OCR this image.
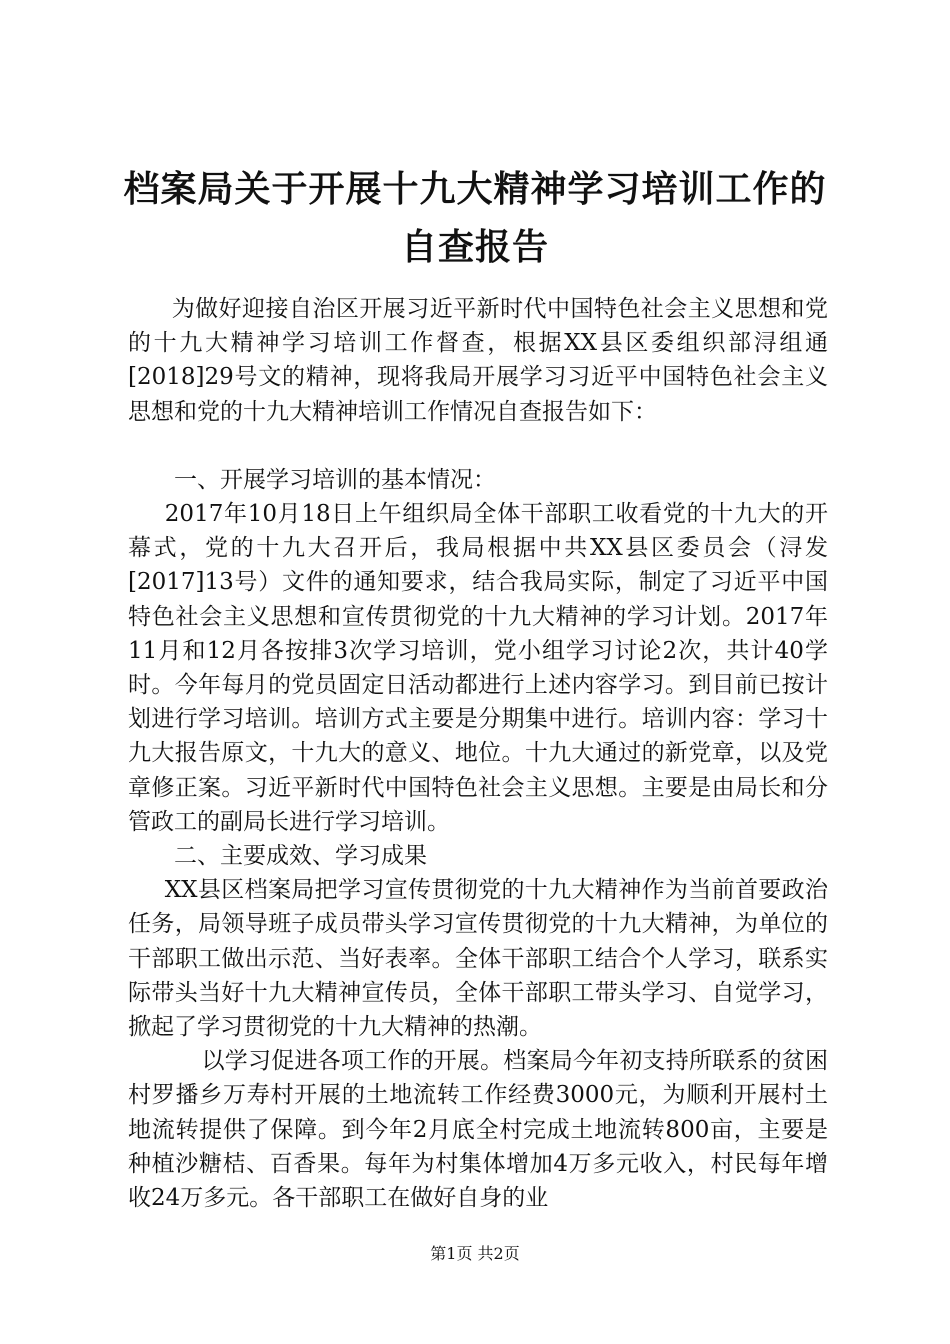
档案局关于开展十九大精神学习培训工作的自查报告

为做好迎接自治区开展习近平新时代中国特色社会主义思想和党的十九大精神学习培训工作督查，根据XX县区委组织部浔组通[2018]29号文的精神，现将我局开展学习习近平中国特色社会主义思想和党的十九大精神培训工作情况自查报告如下：

一、开展学习培训的基本情况：

2017年10月18日上午组织局全体干部职工收看党的十九大的开幕式，党的十九大召开后，我局根据中共XX县区委员会（浔发[2017]13号）文件的通知要求，结合我局实际，制定了习近平中国特色社会主义思想和宣传贯彻党的十九大精神的学习计划。2017年11月和12月各按排3次学习培训，党小组学习讨论2次，共计40学时。今年每月的党员固定日活动都进行上述内容学习。到目前已按计划进行学习培训。培训方式主要是分期集中进行。培训内容：学习十九大报告原文，十九大的意义、地位。十九大通过的新党章，以及党章修正案。习近平新时代中国特色社会主义思想。主要是由局长和分管政工的副局长进行学习培训。

二、主要成效、学习成果

XX县区档案局把学习宣传贯彻党的十九大精神作为当前首要政治任务，局领导班子成员带头学习宣传贯彻党的十九大精神，为单位的干部职工做出示范、当好表率。全体干部职工结合个人学习，联系实际带头当好十九大精神宣传员，全体干部职工带头学习、自觉学习，掀起了学习贯彻党的十九大精神的热潮。

以学习促进各项工作的开展。档案局今年初支持所联系的贫困村罗播乡万寿村开展的土地流转工作经费3000元，为顺利开展村土地流转提供了保障。到今年2月底全村完成土地流转800亩，主要是种植沙糖桔、百香果。每年为村集体增加4万多元收入，村民每年增收24万多元。各干部职工在做好自身的业

第1页 共2页
